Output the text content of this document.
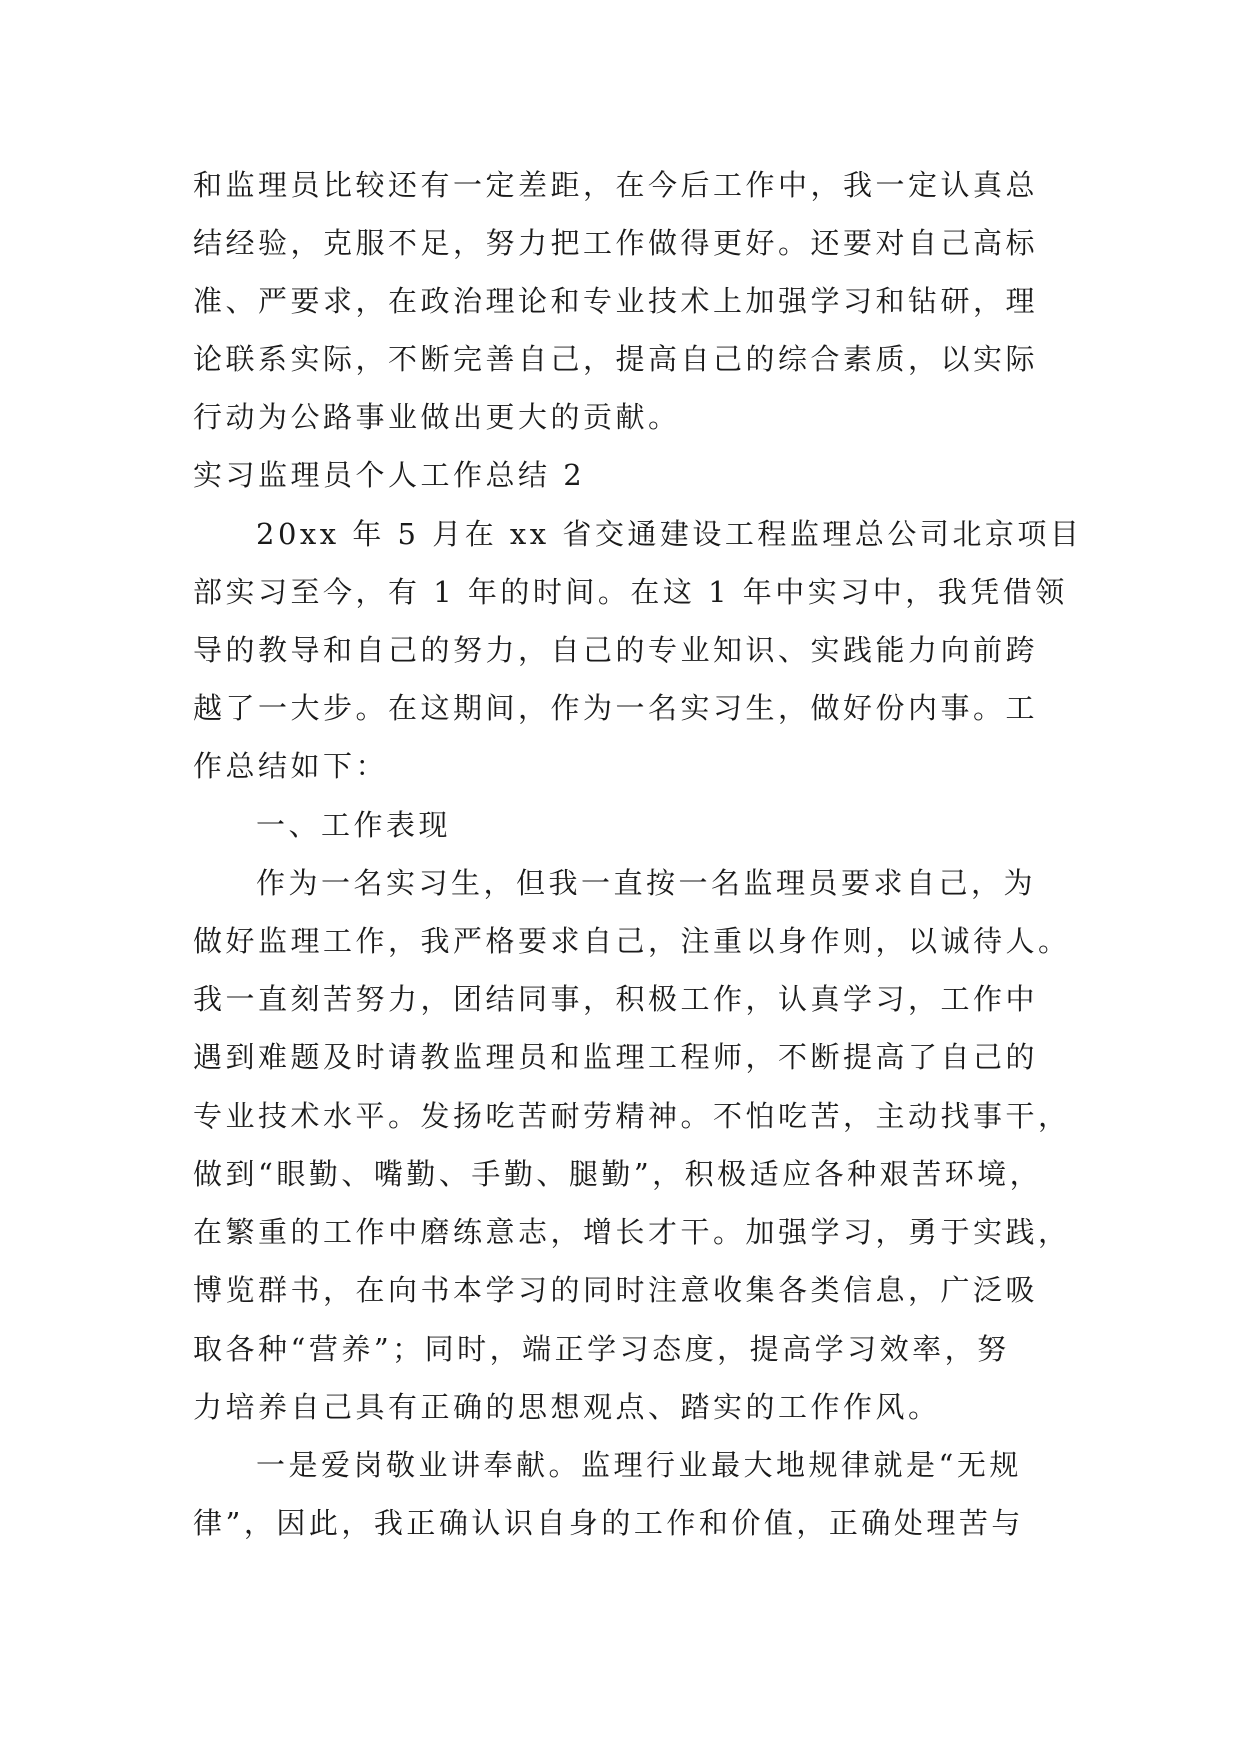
和监理员比较还有一定差距，在今后工作中，我一定认真总

结经验，克服不足，努力把工作做得更好。还要对自己高标

准、严要求，在政治理论和专业技术上加强学习和钻研，理

论联系实际，不断完善自己，提高自己的综合素质，以实际

行动为公路事业做出更大的贡献。

实习监理员个人工作总结 2

20xx 年 5 月在 xx 省交通建设工程监理总公司北京项目

部实习至今，有 1 年的时间。在这 1 年中实习中，我凭借领

导的教导和自己的努力，自己的专业知识、实践能力向前跨

越了一大步。在这期间，作为一名实习生，做好份内事。工

作总结如下：

一、工作表现

作为一名实习生，但我一直按一名监理员要求自己，为

做好监理工作，我严格要求自己，注重以身作则，以诚待人。

我一直刻苦努力，团结同事，积极工作，认真学习，工作中

遇到难题及时请教监理员和监理工程师，不断提高了自己的

专业技术水平。发扬吃苦耐劳精神。不怕吃苦，主动找事干，

做到“眼勤、嘴勤、手勤、腿勤”，积极适应各种艰苦环境，

在繁重的工作中磨练意志，增长才干。加强学习，勇于实践，

博览群书，在向书本学习的同时注意收集各类信息，广泛吸

取各种“营养”；同时，端正学习态度，提高学习效率，努

力培养自己具有正确的思想观点、踏实的工作作风。

一是爱岗敬业讲奉献。监理行业最大地规律就是“无规

律”，因此，我正确认识自身的工作和价值，正确处理苦与
